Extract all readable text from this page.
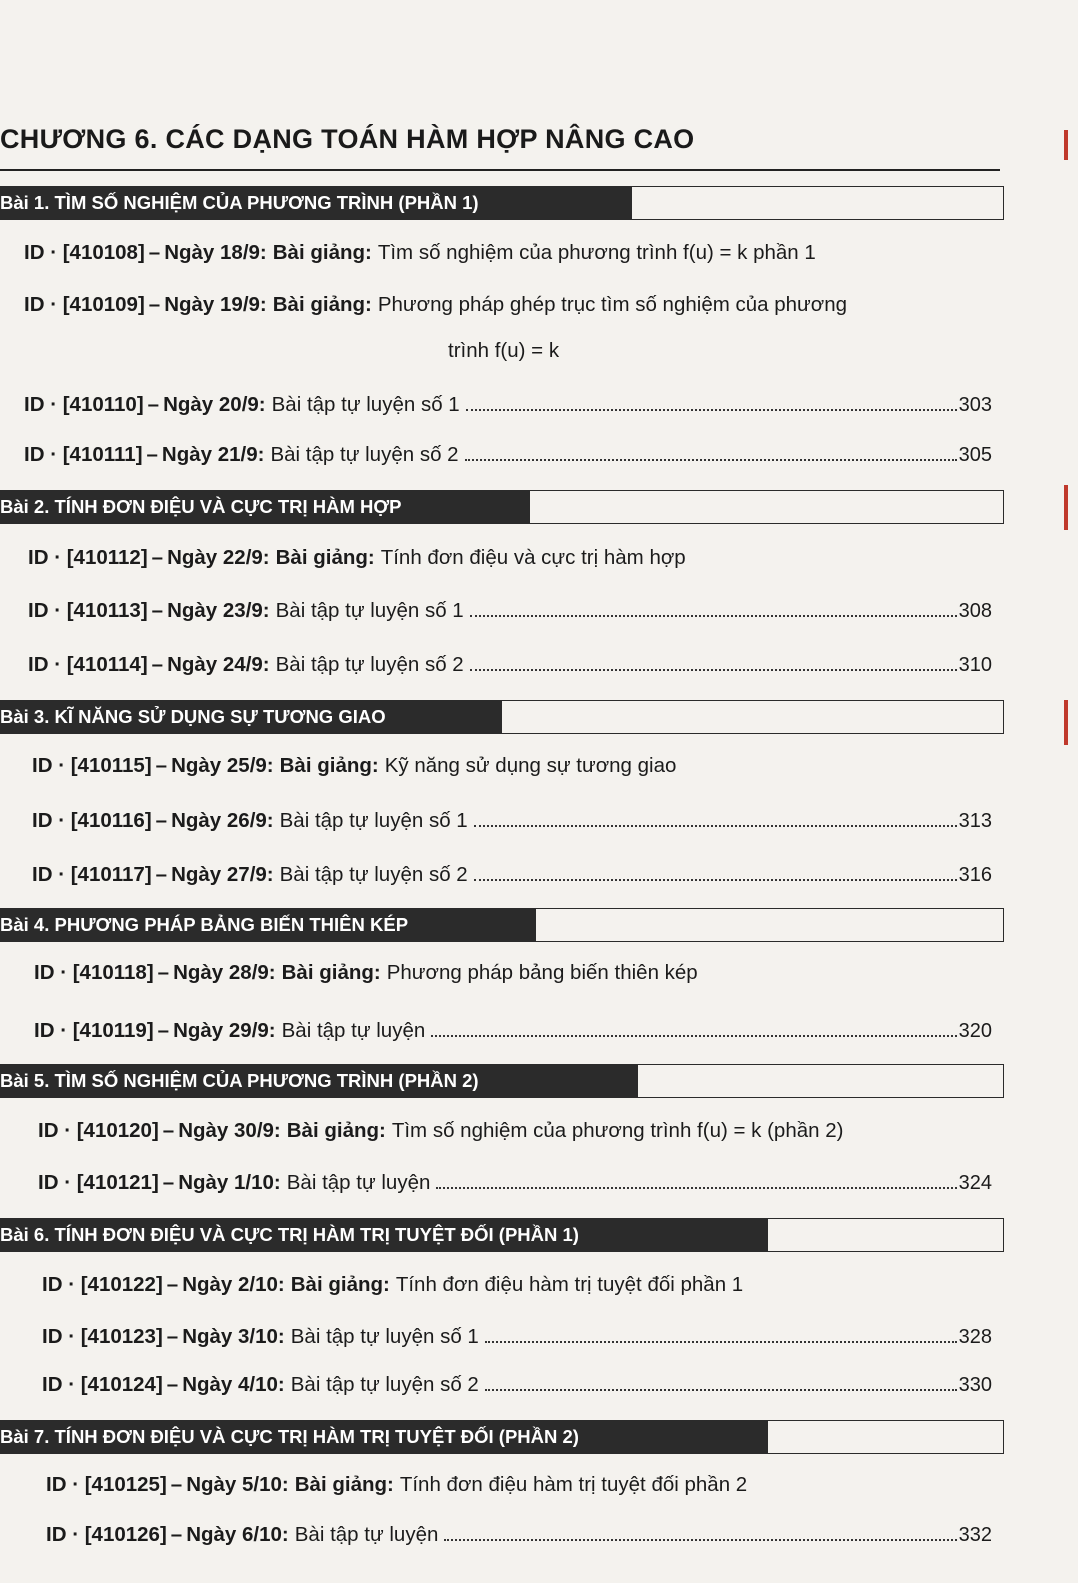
CHƯƠNG 6. CÁC DẠNG TOÁN HÀM HỢP NÂNG CAO
Bài 1. TÌM SỐ NGHIỆM CỦA PHƯƠNG TRÌNH (PHẦN 1)
ID · [410108] – Ngày 18/9: Bài giảng: Tìm số nghiệm của phương trình f(u) = k phần 1
ID · [410109] – Ngày 19/9: Bài giảng: Phương pháp ghép trục tìm số nghiệm của phương
trình f(u) = k
ID · [410110] – Ngày 20/9: Bài tập tự luyện số 1	303
ID · [410111] – Ngày 21/9: Bài tập tự luyện số 2	305
Bài 2. TÍNH ĐƠN ĐIỆU VÀ CỰC TRỊ HÀM HỢP
ID · [410112] – Ngày 22/9: Bài giảng: Tính đơn điệu và cực trị hàm hợp
ID · [410113] – Ngày 23/9: Bài tập tự luyện số 1	308
ID · [410114] – Ngày 24/9: Bài tập tự luyện số 2	310
Bài 3. KĨ NĂNG SỬ DỤNG SỰ TƯƠNG GIAO
ID · [410115] – Ngày 25/9: Bài giảng: Kỹ năng sử dụng sự tương giao
ID · [410116] – Ngày 26/9: Bài tập tự luyện số 1	313
ID · [410117] – Ngày 27/9: Bài tập tự luyện số 2	316
Bài 4. PHƯƠNG PHÁP BẢNG BIẾN THIÊN KÉP
ID · [410118] – Ngày 28/9: Bài giảng: Phương pháp bảng biến thiên kép
ID · [410119] – Ngày 29/9: Bài tập tự luyện	320
Bài 5. TÌM SỐ NGHIỆM CỦA PHƯƠNG TRÌNH (PHẦN 2)
ID · [410120] – Ngày 30/9: Bài giảng: Tìm số nghiệm của phương trình f(u) = k (phần 2)
ID · [410121] – Ngày 1/10: Bài tập tự luyện	324
Bài 6. TÍNH ĐƠN ĐIỆU VÀ CỰC TRỊ HÀM TRỊ TUYỆT ĐỐI (PHẦN 1)
ID · [410122] – Ngày 2/10: Bài giảng: Tính đơn điệu hàm trị tuyệt đối phần 1
ID · [410123] – Ngày 3/10: Bài tập tự luyện số 1	328
ID · [410124] – Ngày 4/10: Bài tập tự luyện số 2	330
Bài 7. TÍNH ĐƠN ĐIỆU VÀ CỰC TRỊ HÀM TRỊ TUYỆT ĐỐI (PHẦN 2)
ID · [410125] – Ngày 5/10: Bài giảng: Tính đơn điệu hàm trị tuyệt đối phần 2
ID · [410126] – Ngày 6/10: Bài tập tự luyện	332
